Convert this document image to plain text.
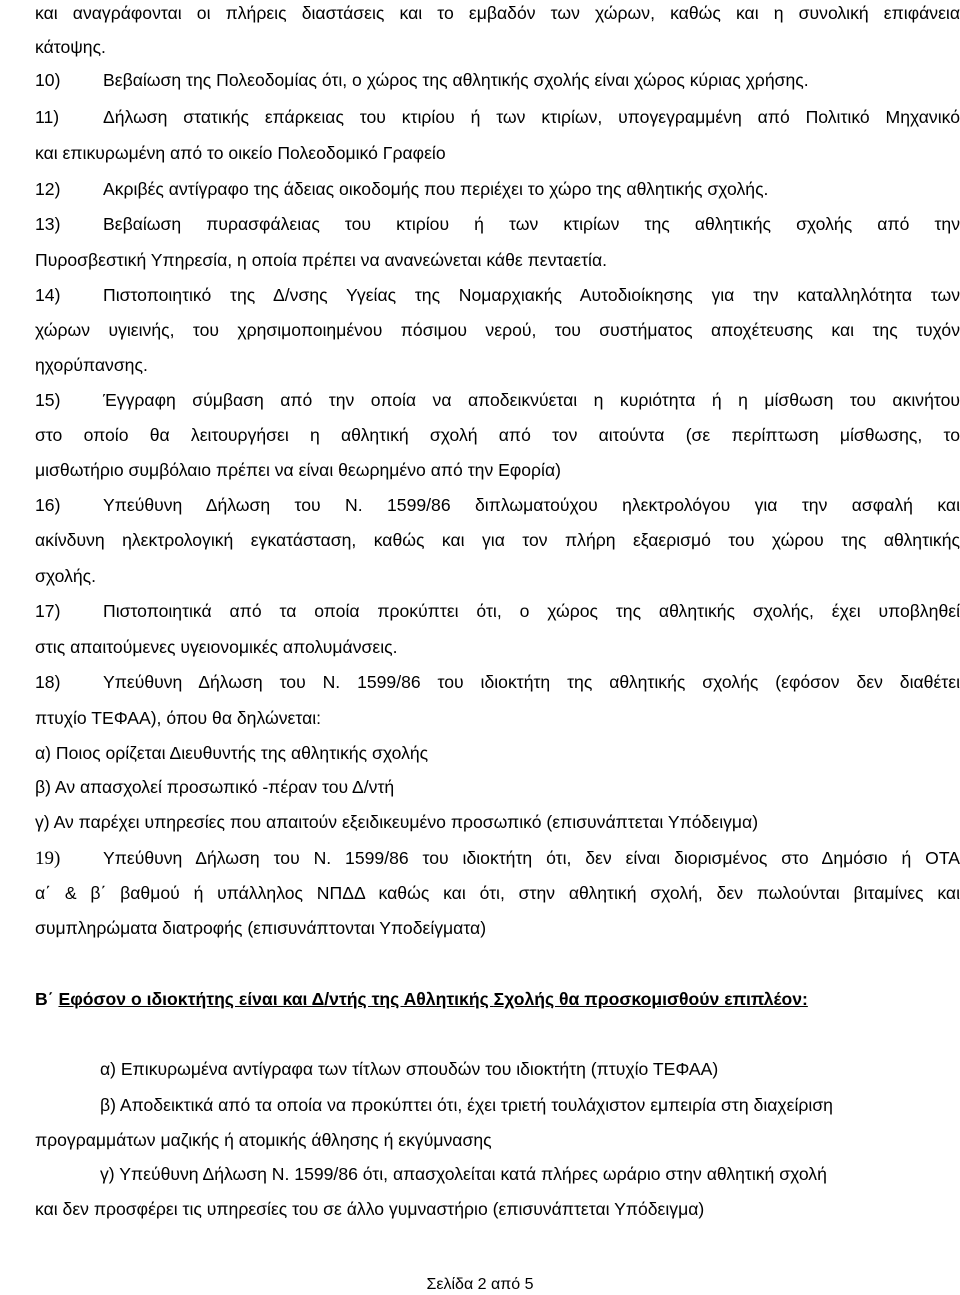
και αναγράφονται οι πλήρεις διαστάσεις και το εμβαδόν των χώρων, καθώς και η συνολική επιφάνεια
κάτοψης.
10) Βεβαίωση της Πολεοδομίας ότι, ο χώρος της αθλητικής σχολής είναι χώρος κύριας χρήσης.
11) Δήλωση στατικής επάρκειας του κτιρίου ή των κτιρίων, υπογεγραμμένη από Πολιτικό Μηχανικό
και επικυρωμένη από το οικείο Πολεοδομικό Γραφείο
12) Ακριβές αντίγραφο της άδειας οικοδομής που περιέχει το χώρο της αθλητικής σχολής.
13) Βεβαίωση πυρασφάλειας του κτιρίου ή των κτιρίων της αθλητικής σχολής από την
Πυροσβεστική Υπηρεσία, η οποία πρέπει να ανανεώνεται κάθε πενταετία.
14) Πιστοποιητικό της Δ/νσης Υγείας της Νομαρχιακής Αυτοδιοίκησης για την καταλληλότητα των
χώρων υγιεινής, του χρησιμοποιημένου πόσιμου νερού, του συστήματος αποχέτευσης και της τυχόν
ηχορύπανσης.
15) Έγγραφη σύμβαση από την οποία να αποδεικνύεται η κυριότητα ή η μίσθωση του ακινήτου
στο οποίο θα λειτουργήσει η αθλητική σχολή από τον αιτούντα (σε περίπτωση μίσθωσης, το
μισθωτήριο συμβόλαιο πρέπει να είναι θεωρημένο από την Εφορία)
16) Υπεύθυνη Δήλωση του Ν. 1599/86 διπλωματούχου ηλεκτρολόγου για την ασφαλή και
ακίνδυνη ηλεκτρολογική εγκατάσταση, καθώς και για τον πλήρη εξαερισμό του χώρου της αθλητικής
σχολής.
17) Πιστοποιητικά από τα οποία προκύπτει ότι, ο χώρος της αθλητικής σχολής, έχει υποβληθεί
στις απαιτούμενες υγειονομικές απολυμάνσεις.
18) Υπεύθυνη Δήλωση του Ν. 1599/86 του ιδιοκτήτη της αθλητικής σχολής (εφόσον δεν διαθέτει
πτυχίο ΤΕΦΑΑ), όπου θα δηλώνεται:
α) Ποιος ορίζεται Διευθυντής της αθλητικής σχολής
β) Αν απασχολεί προσωπικό -πέραν του Δ/ντή
γ) Αν παρέχει υπηρεσίες που απαιτούν εξειδικευμένο προσωπικό (επισυνάπτεται Υπόδειγμα)
19) Υπεύθυνη Δήλωση του Ν. 1599/86 του ιδιοκτήτη ότι, δεν είναι διορισμένος στο Δημόσιο ή ΟΤΑ
α΄ & β΄ βαθμού ή υπάλληλος ΝΠΔΔ καθώς και ότι, στην αθλητική σχολή, δεν πωλούνται βιταμίνες και
συμπληρώματα διατροφής (επισυνάπτονται Υποδείγματα)
Β΄ Εφόσον ο ιδιοκτήτης είναι και Δ/ντής της Αθλητικής Σχολής θα προσκομισθούν επιπλέον:
α) Επικυρωμένα αντίγραφα των τίτλων σπουδών του ιδιοκτήτη (πτυχίο ΤΕΦΑΑ)
β) Αποδεικτικά από τα οποία να προκύπτει ότι, έχει τριετή τουλάχιστον εμπειρία στη διαχείριση
προγραμμάτων μαζικής ή ατομικής άθλησης ή εκγύμνασης
γ) Υπεύθυνη Δήλωση Ν. 1599/86 ότι, απασχολείται κατά πλήρες ωράριο στην αθλητική σχολή
και δεν προσφέρει τις υπηρεσίες του σε άλλο γυμναστήριο (επισυνάπτεται Υπόδειγμα)
Σελίδα 2 από 5
